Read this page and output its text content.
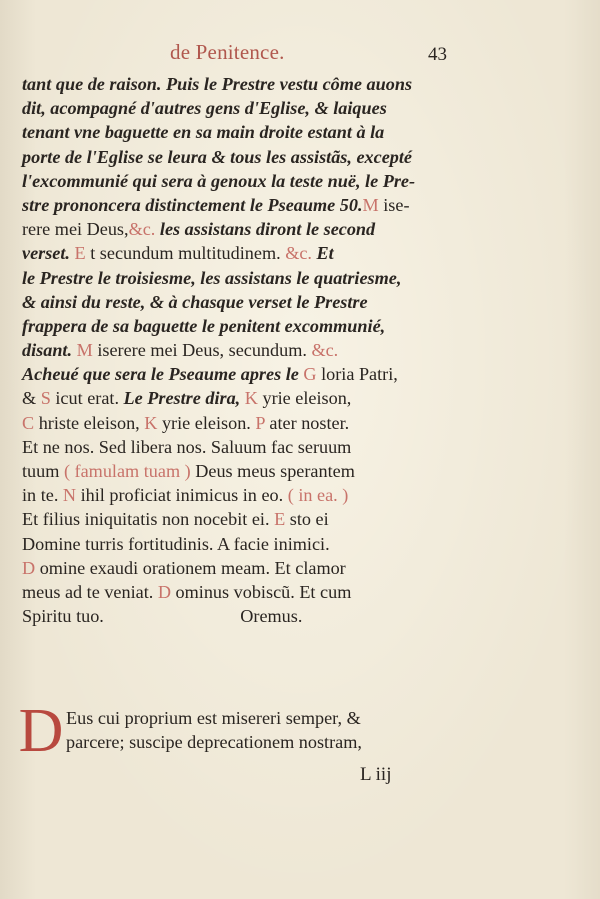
de Penitence.	43
tant que de raison. Puis le Prestre vestu côme auons
dit, acompagné d'autres gens d'Eglise, & laiques
tenant vne baguette en sa main droite estant à la
porte de l'Eglise se leura & tous les assistãs, excepté
l'excommunié qui sera à genoux la teste nuë, le Pre-
stre prononcera distinctement le Pseaume 50.M ise-
rere mei Deus,&c. les assistans diront le second
verset. E t secundum multitudinem. &c. Et
le Prestre le troisiesme, les assistans le quatriesme,
& ainsi du reste, & à chasque verset le Prestre
frappera de sa baguette le penitent excommunié,
disant. M iserere mei Deus, secundum. &c.
Acheué que sera le Pseaume apres le G loria Patri,
& S icut erat. Le Prestre dira, K yrie eleison,
C hriste eleison, K yrie eleison. P ater noster.
Et ne nos. Sed libera nos. Saluum fac seruum
tuum ( famulam tuam ) Deus meus sperantem
in te. N ihil proficiat inimicus in eo. ( in ea. )
Et filius iniquitatis non nocebit ei. E sto ei
Domine turris fortitudinis. A facie inimici.
D omine exaudi orationem meam. Et clamor
meus ad te veniat. D ominus vobiscũ. Et cum
Spiritu tuo.                              Oremus.
D Eus cui proprium est misereri semper, &
parcere; suscipe deprecationem nostram,
L iij
